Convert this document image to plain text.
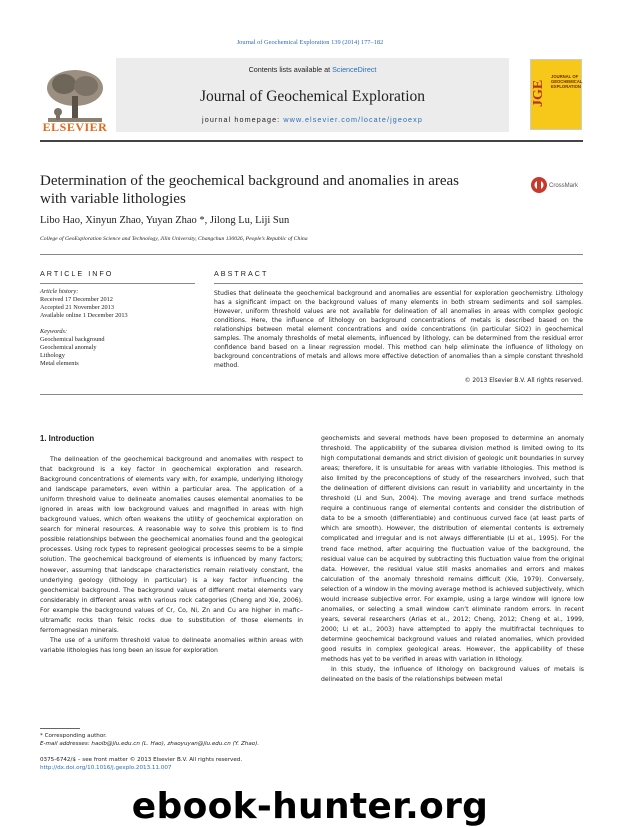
Journal of Geochemical Exploration 139 (2014) 177–182
Contents lists available at ScienceDirect
Journal of Geochemical Exploration
journal homepage: www.elsevier.com/locate/jgeoexp
ELSEVIER
JGE
JOURNAL OF GEOCHEMICAL EXPLORATION
Determination of the geochemical background and anomalies in areas with variable lithologies
CrossMark
Libo Hao, Xinyun Zhao, Yuyan Zhao *, Jilong Lu, Liji Sun
College of GeoExploration Science and Technology, Jilin University, Changchun 130026, People’s Republic of China
ARTICLE INFO	ABSTRACT
Article history:
Received 17 December 2012
Accepted 21 November 2013
Available online 1 December 2013
Keywords:
Geochemical background
Geochemical anomaly
Lithology
Metal elements
Studies that delineate the geochemical background and anomalies are essential for exploration geochemistry. Lithology has a significant impact on the background values of many elements in both stream sediments and soil samples. However, uniform threshold values are not available for delineation of all anomalies in areas with complex geologic conditions. Here, the influence of lithology on background concentrations of metals is described based on the relationships between metal element concentrations and oxide concentrations (in particular SiO2) in geochemical samples. The anomaly thresholds of metal elements, influenced by lithology, can be determined from the residual error confidence band based on a linear regression model. This method can help eliminate the influence of lithology on background concentrations of metals and allows more effective detection of anomalies than a simple constant threshold method.
© 2013 Elsevier B.V. All rights reserved.
1. Introduction

The delineation of the geochemical background and anomalies with respect to that background is a key factor in geochemical exploration and research. Background concentrations of elements vary with, for example, underlying lithology and landscape parameters, even within a particular area. The application of a uniform threshold value to delineate anomalies causes elemental anomalies to be ignored in areas with low background values and magnified in areas with high background values, which often weakens the utility of geochemical exploration on search for mineral resources. A reasonable way to solve this problem is to find possible relationships between the geochemical anomalies found and the geological processes. Using rock types to represent geological processes seems to be a simple solution. The geochemical background of elements is influenced by many factors; however, assuming that landscape characteristics remain relatively constant, the underlying geology (lithology in particular) is a key factor influencing the geochemical background. The background values of different metal elements vary considerably in different areas with various rock categories (Cheng and Xie, 2006). For example the background values of Cr, Co, Ni, Zn and Cu are higher in mafic–ultramafic rocks than felsic rocks due to substitution of those elements in ferromagnesian minerals.

The use of a uniform threshold value to delineate anomalies within areas with variable lithologies has long been an issue for exploration

geochemists and several methods have been proposed to determine an anomaly threshold. The applicability of the subarea division method is limited owing to its high computational demands and strict division of geologic unit boundaries in survey areas; therefore, it is unsuitable for areas with variable lithologies. This method is also limited by the preconceptions of study of the researchers involved, such that the delineation of different divisions can result in variability and uncertainty in the threshold (Li and Sun, 2004). The moving average and trend surface methods require a continuous range of elemental contents and consider the distribution of data to be a smooth (differentiable) and continuous curved face (at least parts of which are smooth). However, the distribution of elemental contents is extremely complicated and irregular and is not always differentiable (Li et al., 1995). For the trend face method, after acquiring the fluctuation value of the background, the residual value can be acquired by subtracting this fluctuation value from the original data. However, the residual value still masks anomalies and errors and makes calculation of the anomaly threshold remains difficult (Xie, 1979). Conversely, selection of a window in the moving average method is achieved subjectively, which would increase subjective error. For example, using a large window will ignore low anomalies, or selecting a small window can’t eliminate random errors. In recent years, several researchers (Arias et al., 2012; Cheng, 2012; Cheng et al., 1999, 2000; Li et al., 2003) have attempted to apply the multifractal techniques to determine geochemical background values and related anomalies, which provided good results in complex geological areas. However, the applicability of these methods has yet to be verified in areas with variation in lithology.

In this study, the influence of lithology on background values of metals is delineated on the basis of the relationships between metal

* Corresponding author.
E-mail addresses: haolb@jlu.edu.cn (L. Hao), zhaoyuyan@jlu.edu.cn (Y. Zhao).
0375-6742/$ – see front matter © 2013 Elsevier B.V. All rights reserved.
http://dx.doi.org/10.1016/j.gexplo.2013.11.007
ebook-hunter.org
